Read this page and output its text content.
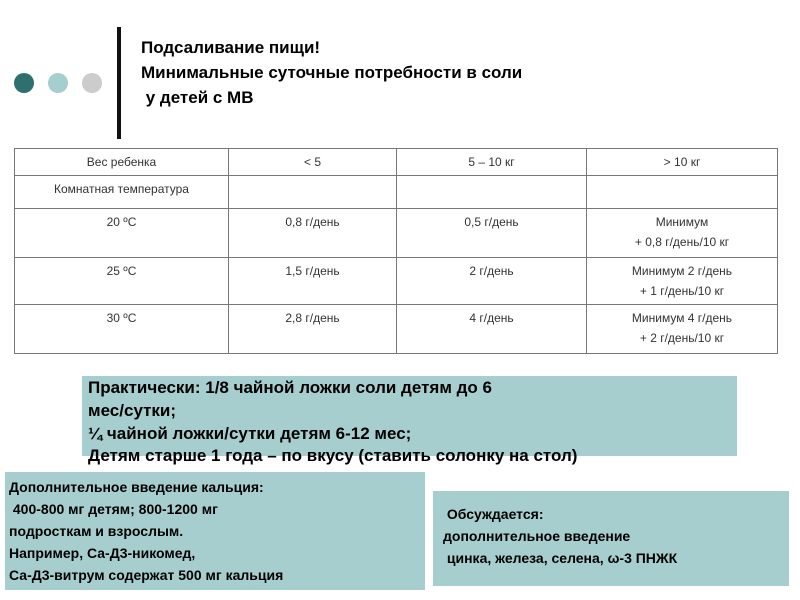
Подсаливание пищи!
Минимальные суточные потребности в соли
у детей с МВ
Вес ребенка	< 5	5 – 10 кг	> 10 кг
Комнатная температура			
20 ºC	0,8 г/день	0,5 г/день	Минимум
+ 0,8 г/день/10 кг

25 ºC	1,5 г/день	2 г/день	Минимум 2 г/день
+ 1 г/день/10 кг

30 ºC	2,8 г/день	4 г/день	Минимум 4 г/день
+ 2 г/день/10 кг
Практически: 1/8 чайной ложки соли детям до 6
мес/сутки;
¼ чайной ложки/сутки детям 6-12 мес;
Детям старше 1 года – по вкусу (ставить солонку на стол)
Дополнительное введение кальция:
400-800 мг детям; 800-1200 мг
подросткам и взрослым.
Например, Са-Д3-никомед,
Са-Д3-витрум содержат 500 мг кальция
Обсуждается:
дополнительное введение
цинка, железа, селена, ω-3 ПНЖК
